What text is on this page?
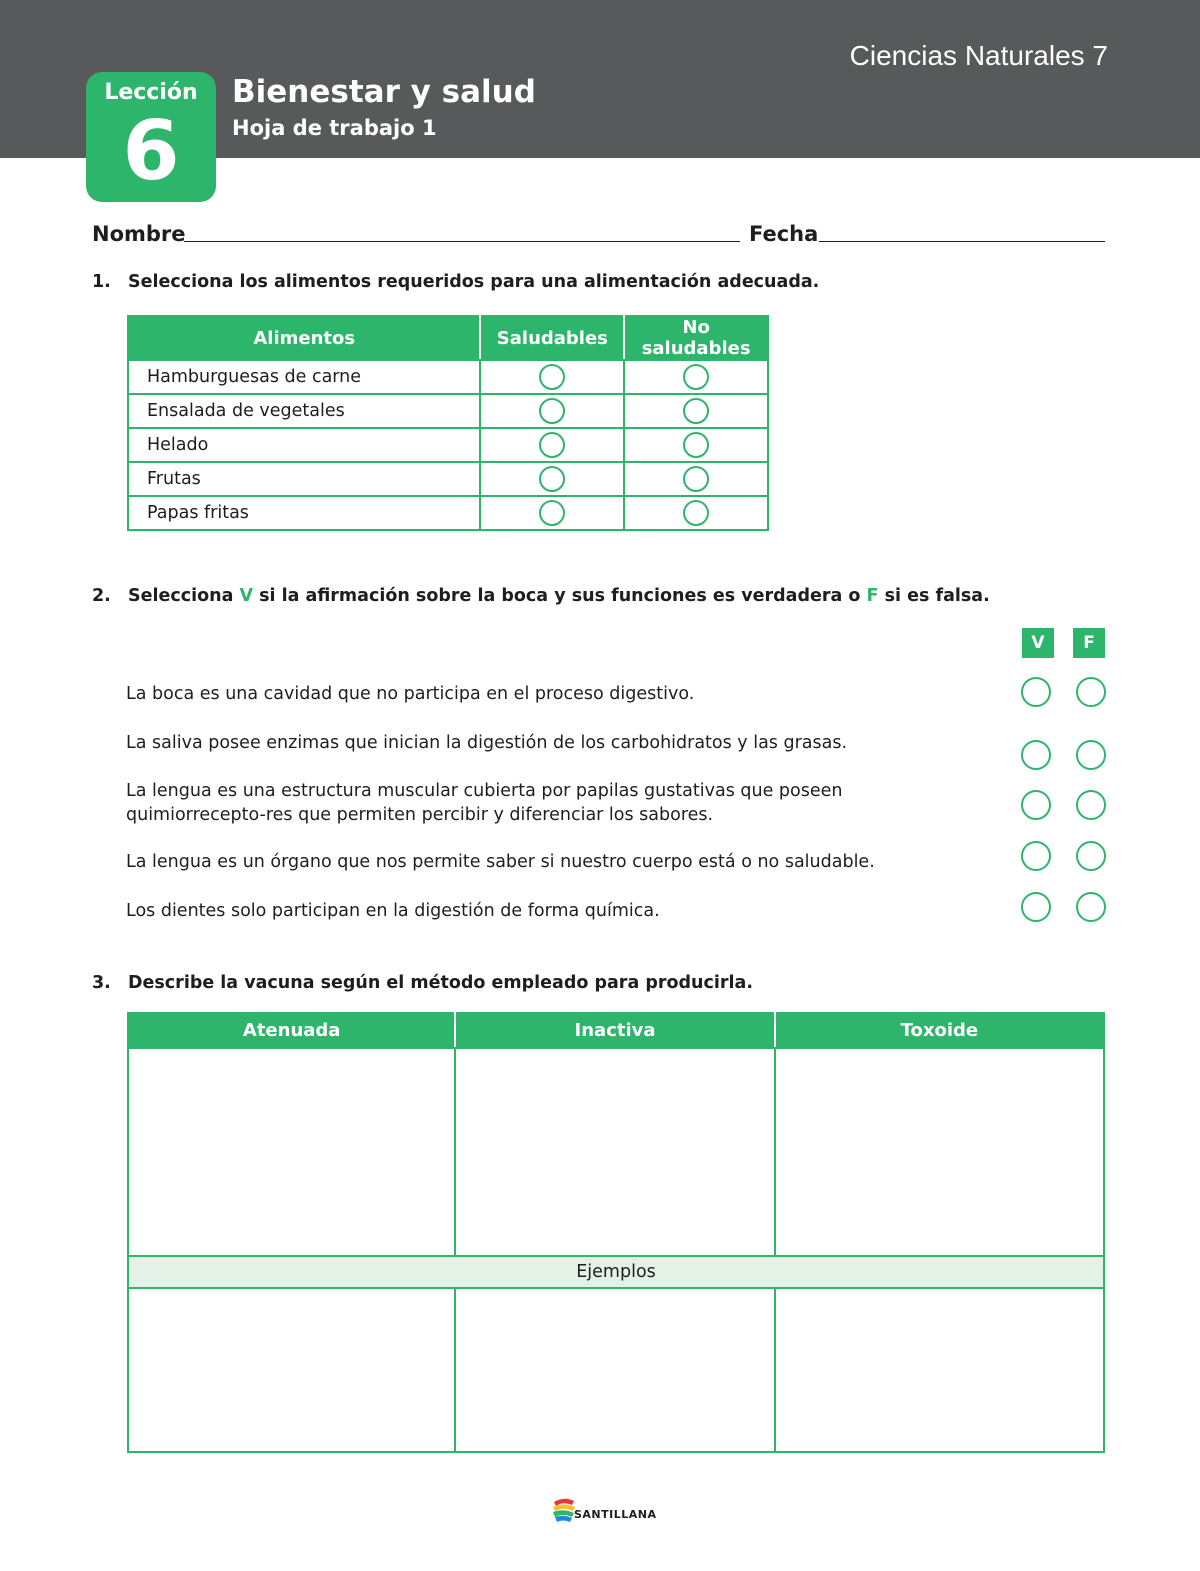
Ciencias Naturales 7
Bienestar y salud
Hoja de trabajo 1
Lección
6
Nombre	Fecha
1. Selecciona los alimentos requeridos para una alimentación adecuada.
Alimentos	Saludables	No saludables
Hamburguesas de carne		
Ensalada de vegetales		
Helado		
Frutas		
Papas fritas		
2. Selecciona V si la afirmación sobre la boca y sus funciones es verdadera o F si es falsa.
V	F
La boca es una cavidad que no participa en el proceso digestivo.
La saliva posee enzimas que inician la digestión de los carbohidratos y las grasas.
La lengua es una estructura muscular cubierta por papilas gustativas que poseen quimiorrecepto-res que permiten percibir y diferenciar los sabores.
La lengua es un órgano que nos permite saber si nuestro cuerpo está o no saludable.
Los dientes solo participan en la digestión de forma química.
3. Describe la vacuna según el método empleado para producirla.
Atenuada	Inactiva	Toxoide

Ejemplos		

SANTILLANA
